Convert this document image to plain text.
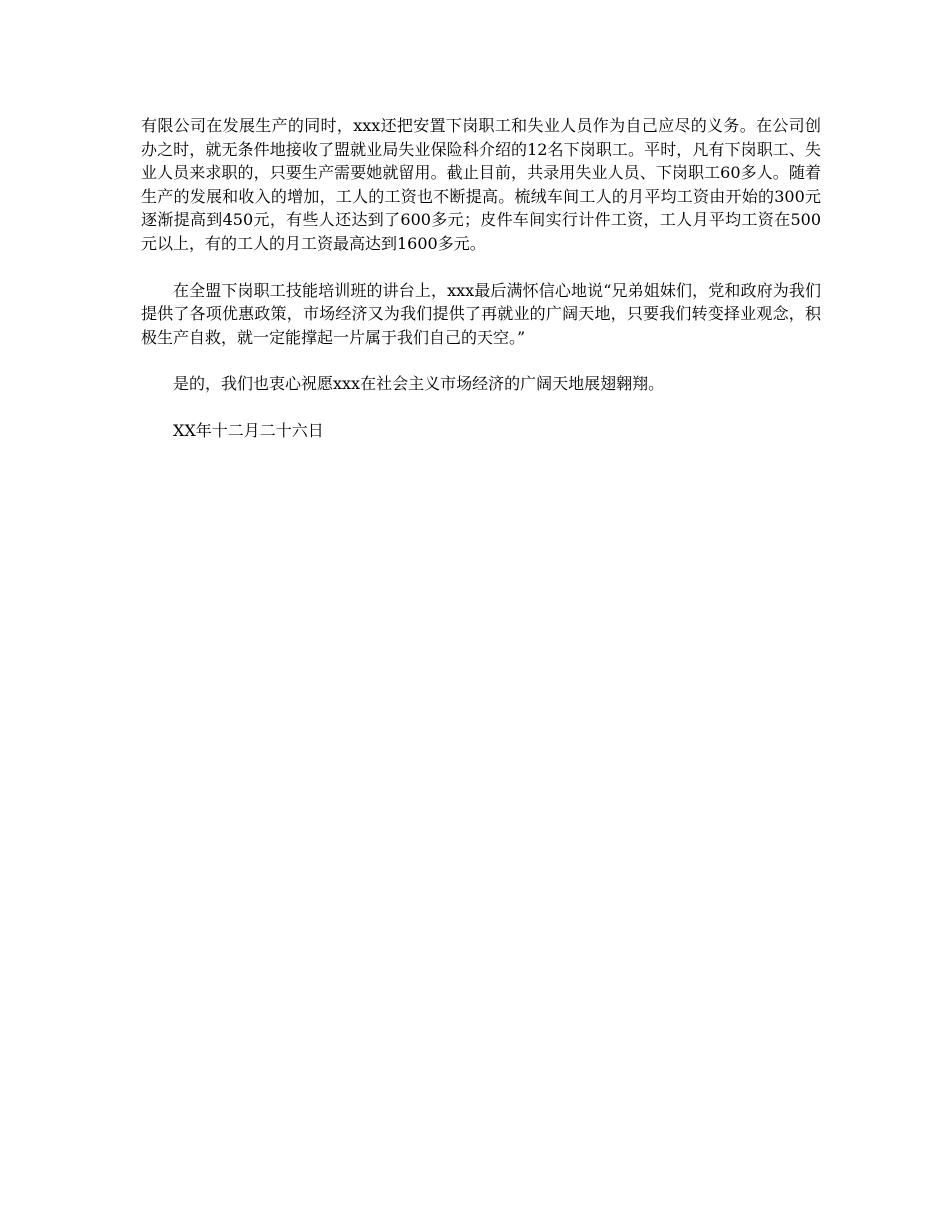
有限公司在发展生产的同时，xxx还把安置下岗职工和失业人员作为自己应尽的义务。在公司创办之时，就无条件地接收了盟就业局失业保险科介绍的12名下岗职工。平时，凡有下岗职工、失业人员来求职的，只要生产需要她就留用。截止目前，共录用失业人员、下岗职工60多人。随着生产的发展和收入的增加，工人的工资也不断提高。梳绒车间工人的月平均工资由开始的300元逐渐提高到450元，有些人还达到了600多元；皮件车间实行计件工资，工人月平均工资在500元以上，有的工人的月工资最高达到1600多元。

在全盟下岗职工技能培训班的讲台上，xxx最后满怀信心地说“兄弟姐妹们，党和政府为我们提供了各项优惠政策，市场经济又为我们提供了再就业的广阔天地，只要我们转变择业观念，积极生产自救，就一定能撑起一片属于我们自己的天空。”

是的，我们也衷心祝愿xxx在社会主义市场经济的广阔天地展翅翱翔。

XX年十二月二十六日
